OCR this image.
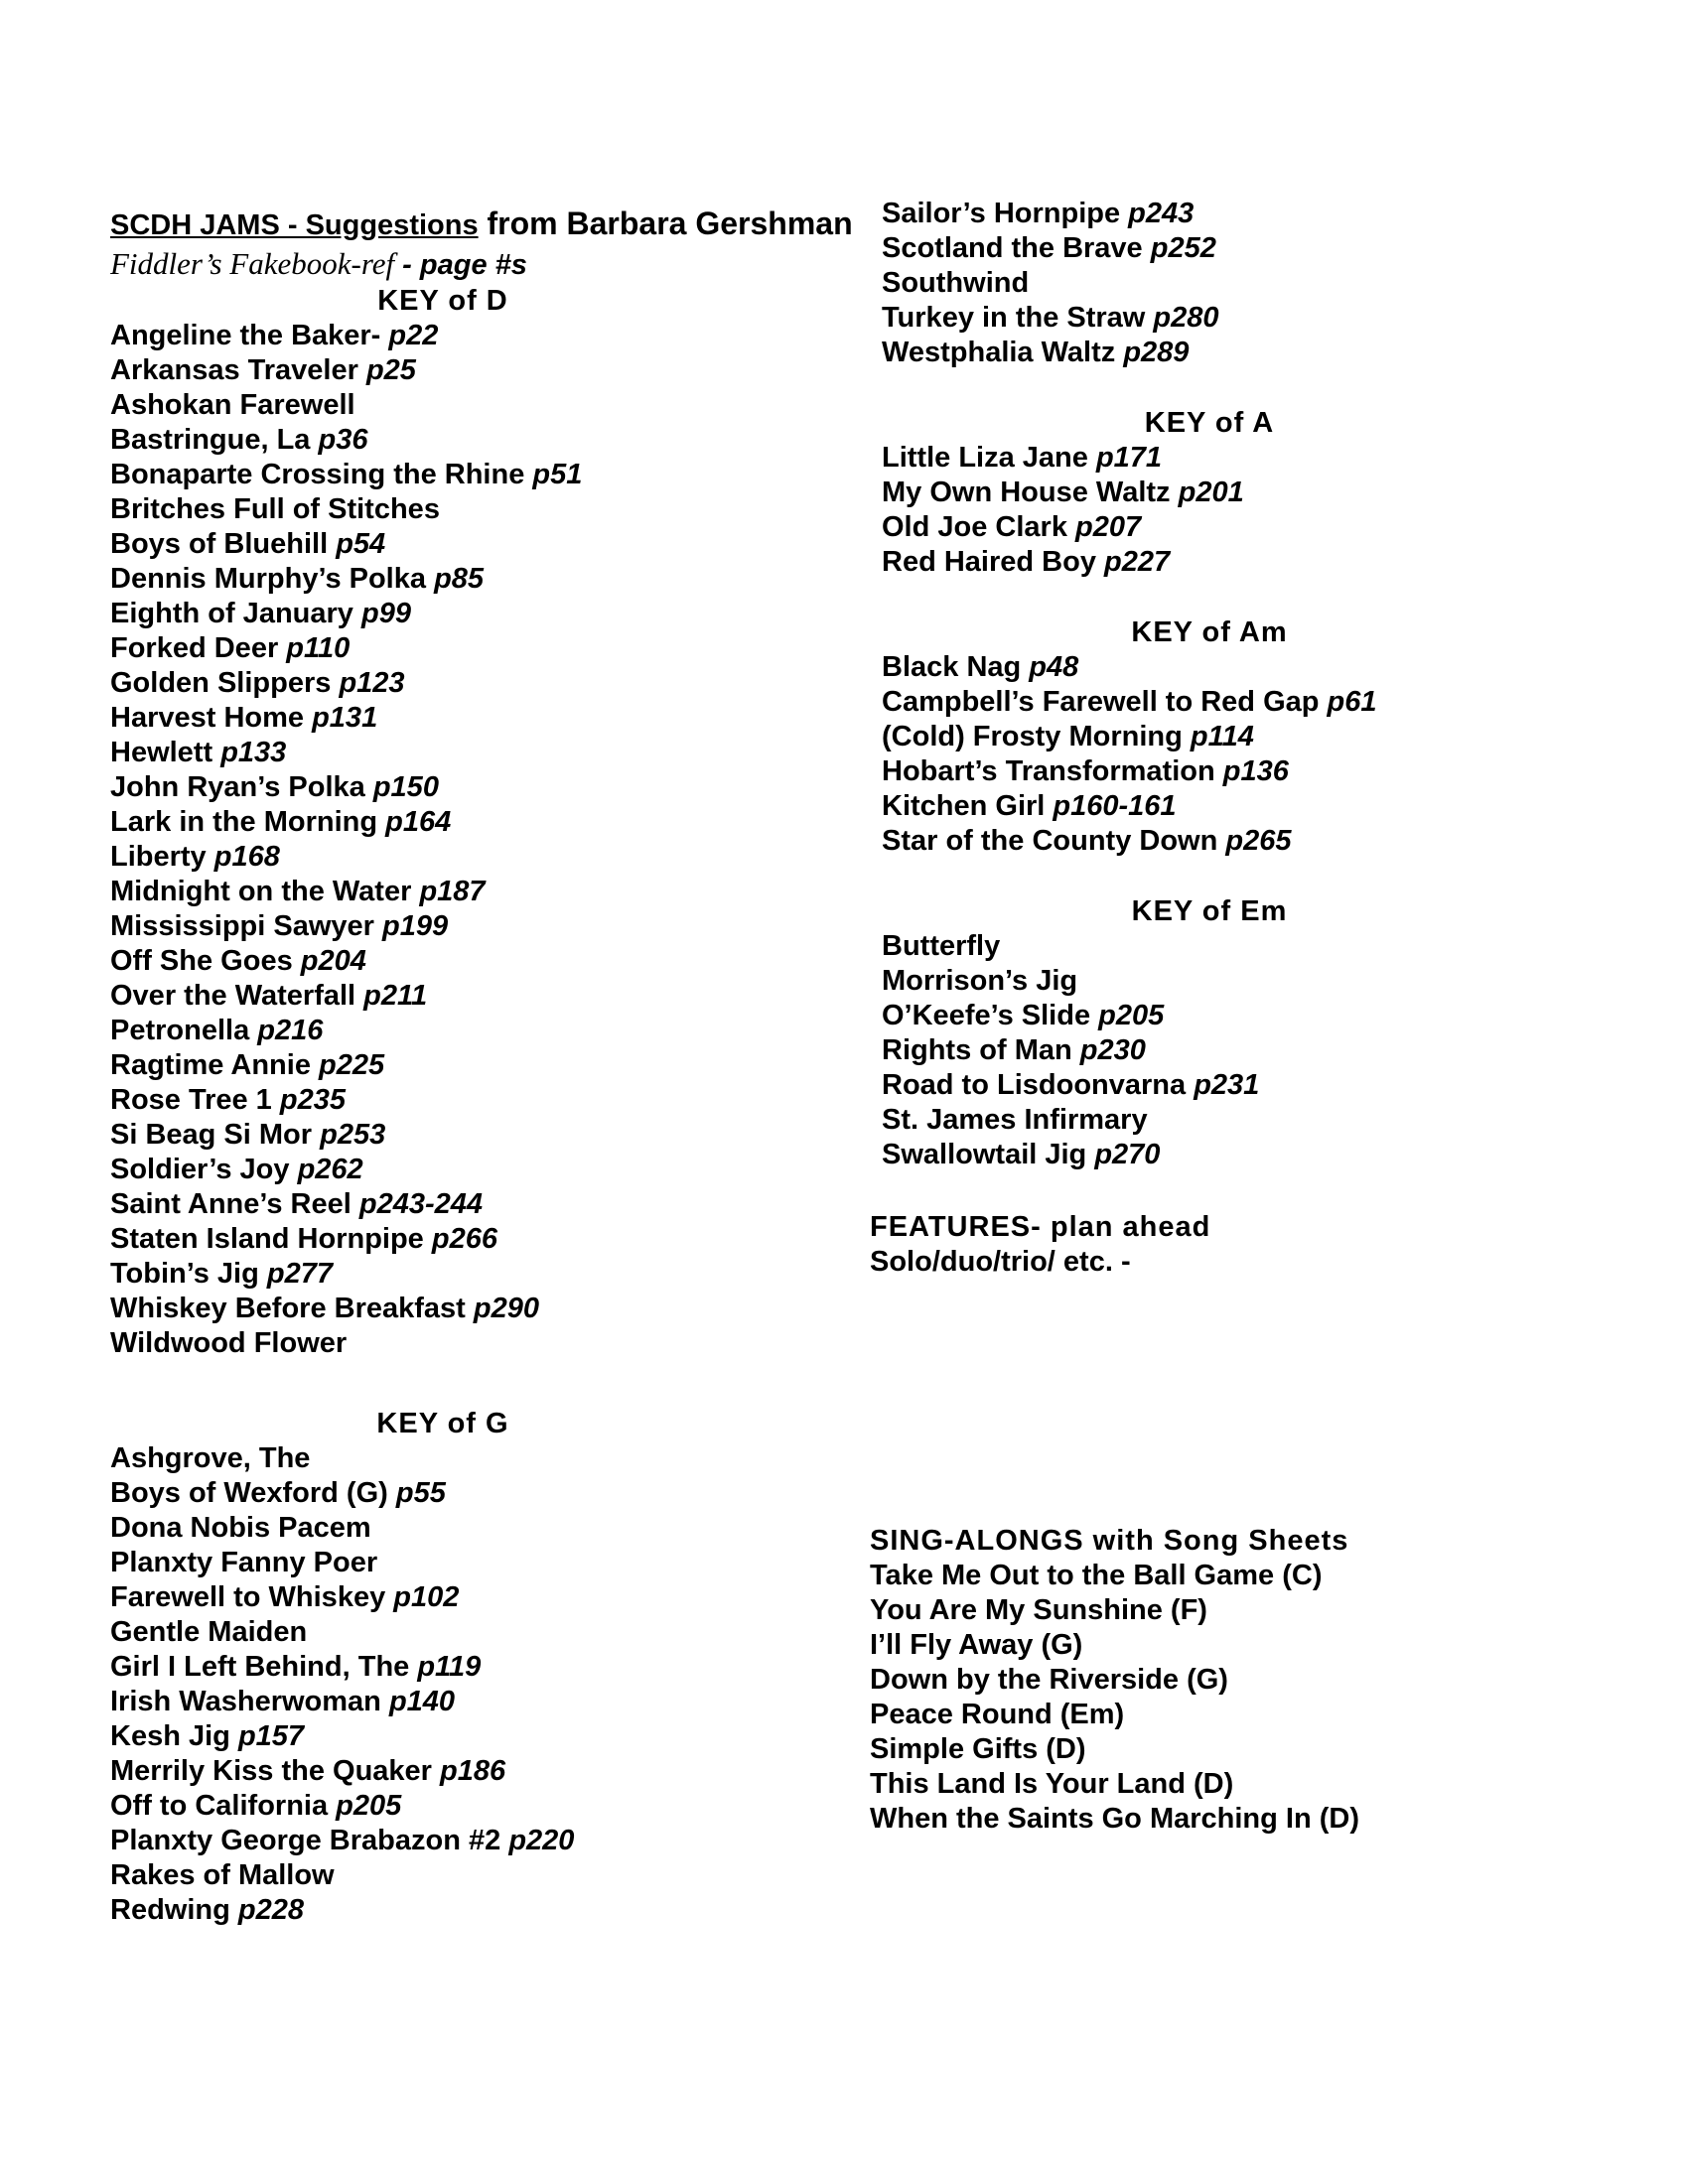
SCDH JAMS - Suggestions from Barbara Gershman
Fiddler’s Fakebook-ref - page #s
KEY of D
Angeline the Baker- p22
Arkansas Traveler p25
Ashokan Farewell
Bastringue, La p36
Bonaparte Crossing the Rhine p51
Britches Full of Stitches
Boys of Bluehill p54
Dennis Murphy’s Polka p85
Eighth of January p99
Forked Deer p110
Golden Slippers p123
Harvest Home p131
Hewlett p133
John Ryan’s Polka p150
Lark in the Morning p164
Liberty p168
Midnight on the Water p187
Mississippi Sawyer p199
Off She Goes p204
Over the Waterfall p211
Petronella p216
Ragtime Annie p225
Rose Tree 1 p235
Si Beag Si Mor p253
Soldier’s Joy p262
Saint Anne’s Reel p243-244
Staten Island Hornpipe p266
Tobin’s Jig p277
Whiskey Before Breakfast p290
Wildwood Flower
KEY of G
Ashgrove, The
Boys of Wexford (G) p55
Dona Nobis Pacem
Planxty Fanny Poer
Farewell to Whiskey p102
Gentle Maiden
Girl I Left Behind, The p119
Irish Washerwoman p140
Kesh Jig p157
Merrily Kiss the Quaker p186
Off to California p205
Planxty George Brabazon #2 p220
Rakes of Mallow
Redwing p228
Sailor’s Hornpipe p243
Scotland the Brave p252
Southwind
Turkey in the Straw p280
Westphalia Waltz p289
KEY of A
Little Liza Jane p171
My Own House Waltz p201
Old Joe Clark p207
Red Haired Boy p227
KEY of Am
Black Nag p48
Campbell’s Farewell to Red Gap p61
(Cold) Frosty Morning p114
Hobart’s Transformation p136
Kitchen Girl p160-161
Star of the County Down p265
KEY of Em
Butterfly
Morrison’s Jig
O’Keefe’s Slide p205
Rights of Man p230
Road to Lisdoonvarna p231
St. James Infirmary
Swallowtail Jig p270
FEATURES- plan ahead
Solo/duo/trio/ etc. -
SING-ALONGS with Song Sheets
Take Me Out to the Ball Game (C)
You Are My Sunshine (F)
I’ll Fly Away (G)
Down by the Riverside (G)
Peace Round (Em)
Simple Gifts (D)
This Land Is Your Land (D)
When the Saints Go Marching In (D)
